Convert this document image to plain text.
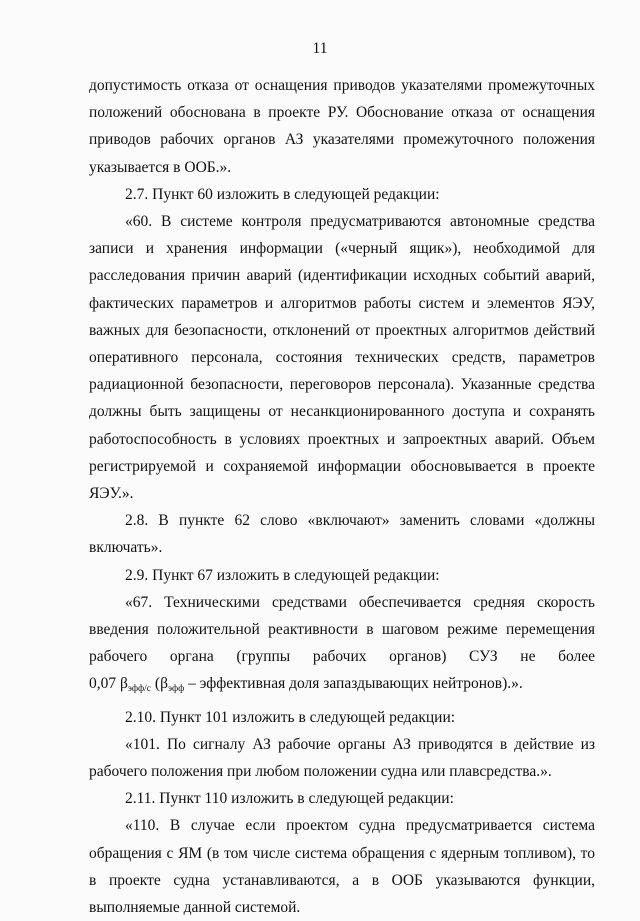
11

допустимость отказа от оснащения приводов указателями промежуточных положений обоснована в проекте РУ. Обоснование отказа от оснащения приводов рабочих органов АЗ указателями промежуточного положения указывается в ООБ.».

2.7. Пункт 60 изложить в следующей редакции:

«60. В системе контроля предусматриваются автономные средства записи и хранения информации («черный ящик»), необходимой для расследования причин аварий (идентификации исходных событий аварий, фактических параметров и алгоритмов работы систем и элементов ЯЭУ, важных для безопасности, отклонений от проектных алгоритмов действий оперативного персонала, состояния технических средств, параметров радиационной безопасности, переговоров персонала). Указанные средства должны быть защищены от несанкционированного доступа и сохранять работоспособность в условиях проектных и запроектных аварий. Объем регистрируемой и сохраняемой информации обосновывается в проекте ЯЭУ.».

2.8. В пункте 62 слово «включают» заменить словами «должны включать».

2.9. Пункт 67 изложить в следующей редакции:

«67. Техническими средствами обеспечивается средняя скорость введения положительной реактивности в шаговом режиме перемещения рабочего органа (группы рабочих органов) СУЗ не более

0,07 $\beta_{эфф/с}$ ($\beta_{эфф}$ – эффективная доля запаздывающих нейтронов).».

2.10. Пункт 101 изложить в следующей редакции:

«101. По сигналу АЗ рабочие органы АЗ приводятся в действие из рабочего положения при любом положении судна или плавсредства.».

2.11. Пункт 110 изложить в следующей редакции:

«110. В случае если проектом судна предусматривается система обращения с ЯМ (в том числе система обращения с ядерным топливом), то в проекте судна устанавливаются, а в ООБ указываются функции, выполняемые данной системой.
